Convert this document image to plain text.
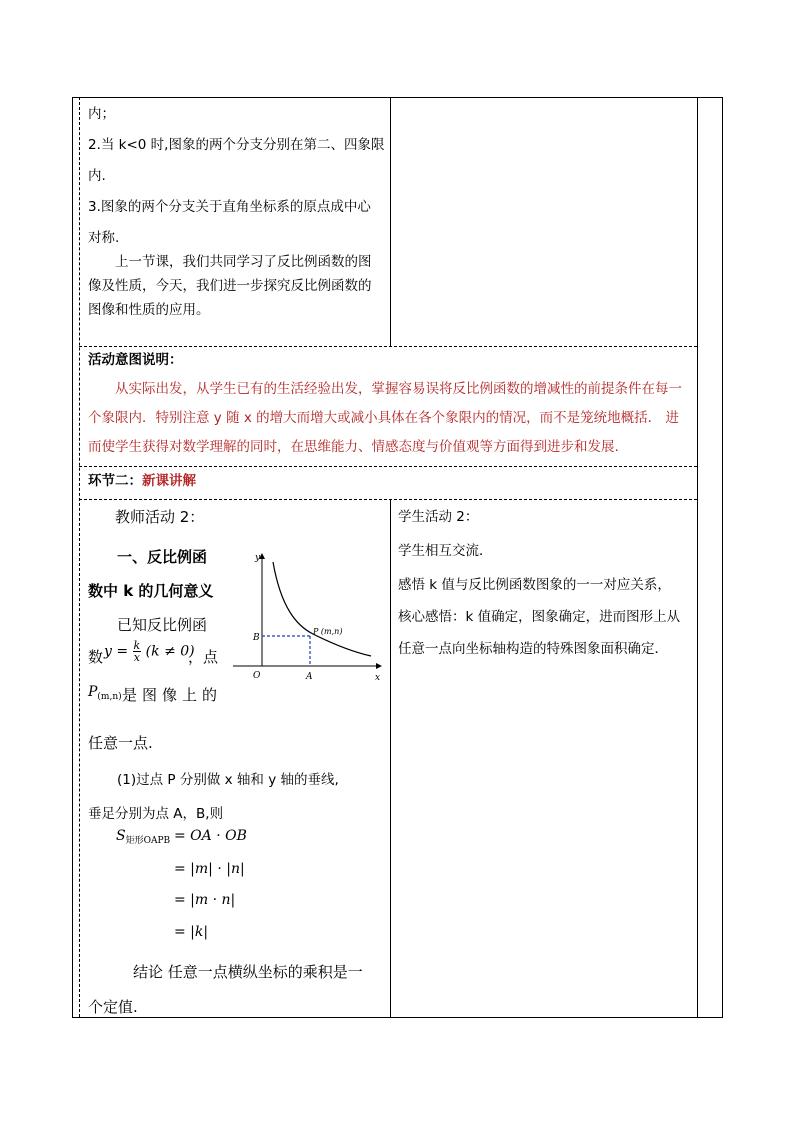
内；
2.当 k<0 时,图象的两个分支分别在第二、四象限
内.
3.图象的两个分支关于直角坐标系的原点成中心
对称.
上一节课，我们共同学习了反比例函数的图像及性质，今天，我们进一步探究反比例函数的图像和性质的应用。
活动意图说明：
从实际出发，从学生已有的生活经验出发，掌握容易误将反比例函数的增减性的前提条件在每一个象限内．特别注意 y 随 x 的增大而增大或减小具体在各个象限内的情况，而不是笼统地概括． 进而使学生获得对数学理解的同时，在思维能力、情感态度与价值观等方面得到进步和发展.
环节二：新课讲解
教师活动 2：
一、反比例函
数中 k 的几何意义
已知反比例函
数 $y = \frac{k}{x} (k \ne 0)$
，点
$P_{(m,n)}$ 是图像上的
任意一点.
(1)过点 P 分别做 x 轴和 y 轴的垂线,
垂足分别为点 A，B,则
$S_{矩形OAPB}$ = OA · OB
= |m| · |n|
= |m · n|
= |k|
结论 任意一点横纵坐标的乘积是一
个定值.
y
x
O
P (m,n)
A
B
学生活动 2：
学生相互交流．
感悟 k 值与反比例函数图象的一一对应关系，
核心感悟：k 值确定，图象确定，进而图形上从
任意一点向坐标轴构造的特殊图象面积确定．
